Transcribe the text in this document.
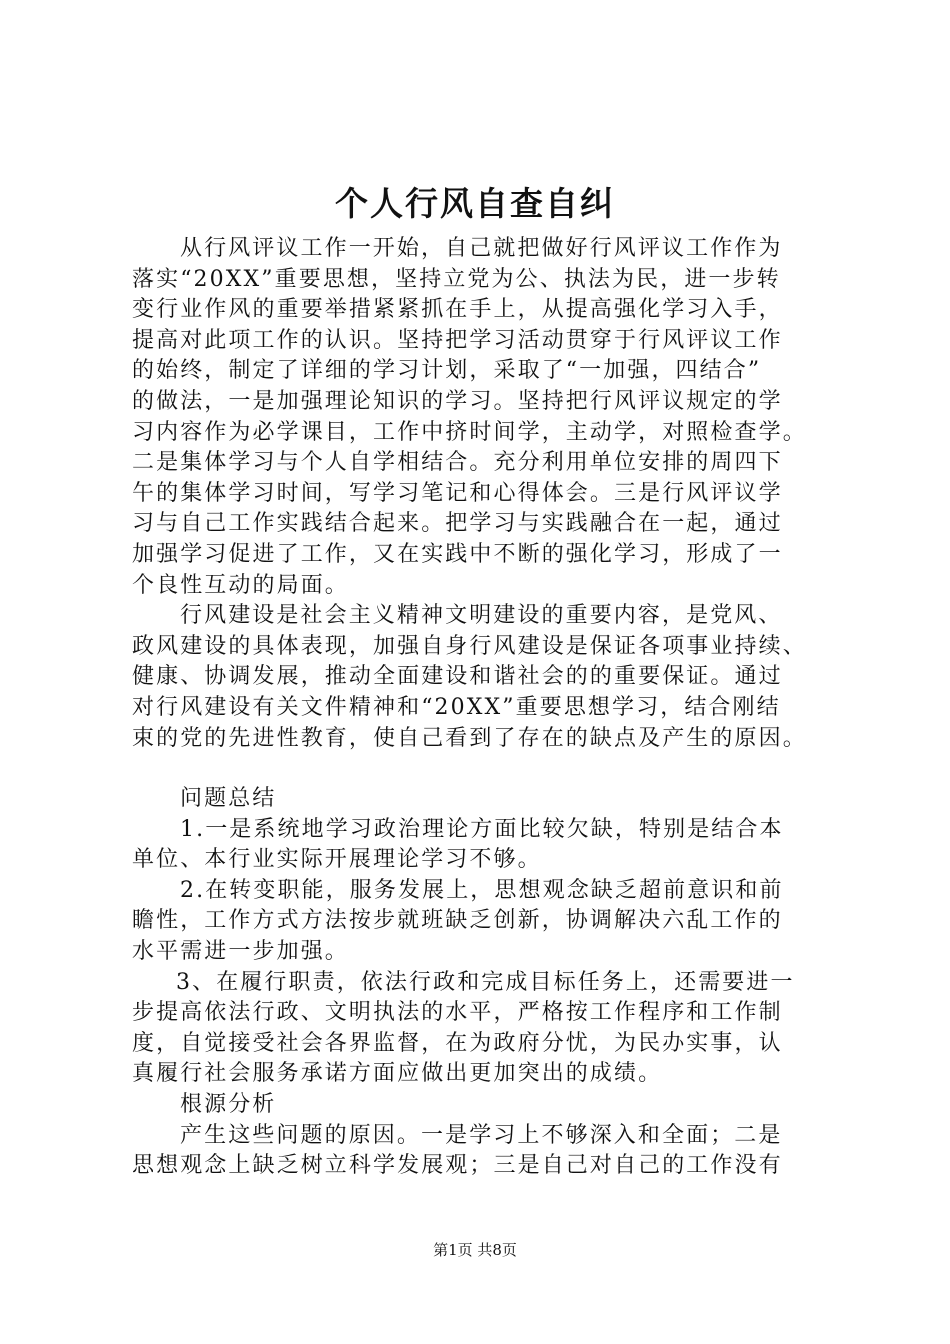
个人行风自查自纠
从行风评议工作一开始，自己就把做好行风评议工作作为
落实“20XX”重要思想，坚持立党为公、执法为民，进一步转
变行业作风的重要举措紧紧抓在手上，从提高强化学习入手，
提高对此项工作的认识。坚持把学习活动贯穿于行风评议工作
的始终，制定了详细的学习计划，采取了“一加强，四结合”
的做法，一是加强理论知识的学习。坚持把行风评议规定的学
习内容作为必学课目，工作中挤时间学，主动学，对照检查学。
二是集体学习与个人自学相结合。充分利用单位安排的周四下
午的集体学习时间，写学习笔记和心得体会。三是行风评议学
习与自己工作实践结合起来。把学习与实践融合在一起，通过
加强学习促进了工作，又在实践中不断的强化学习，形成了一
个良性互动的局面。
行风建设是社会主义精神文明建设的重要内容，是党风、
政风建设的具体表现，加强自身行风建设是保证各项事业持续、
健康、协调发展，推动全面建设和谐社会的的重要保证。通过
对行风建设有关文件精神和“20XX”重要思想学习，结合刚结
束的党的先进性教育，使自己看到了存在的缺点及产生的原因。
问题总结
1.一是系统地学习政治理论方面比较欠缺，特别是结合本
单位、本行业实际开展理论学习不够。
2.在转变职能，服务发展上，思想观念缺乏超前意识和前
瞻性，工作方式方法按步就班缺乏创新，协调解决六乱工作的
水平需进一步加强。
3、在履行职责，依法行政和完成目标任务上，还需要进一
步提高依法行政、文明执法的水平，严格按工作程序和工作制
度，自觉接受社会各界监督，在为政府分忧，为民办实事，认
真履行社会服务承诺方面应做出更加突出的成绩。
根源分析
产生这些问题的原因。一是学习上不够深入和全面；二是
思想观念上缺乏树立科学发展观；三是自己对自己的工作没有
第1页 共8页
